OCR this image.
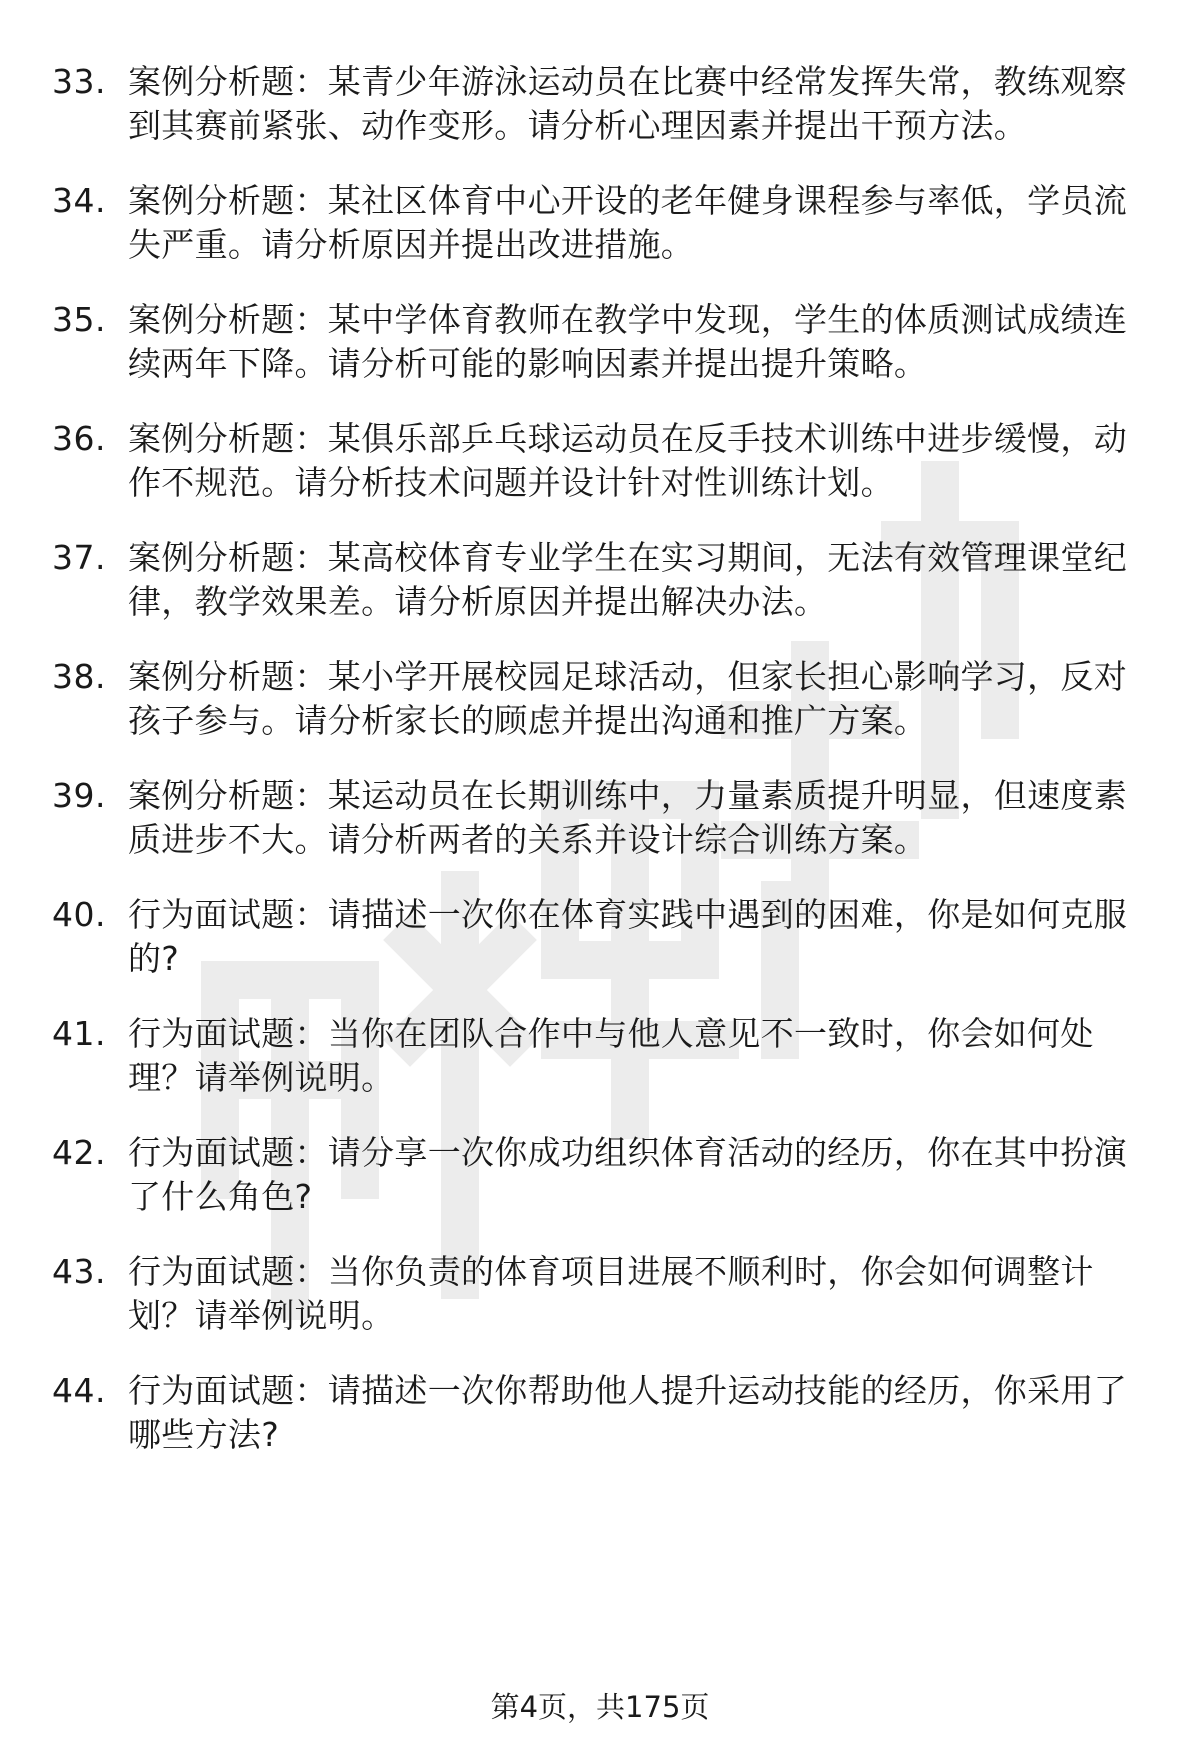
33. 案例分析题：某青少年游泳运动员在比赛中经常发挥失常，教练观察到其赛前紧张、动作变形。请分析心理因素并提出干预方法。
34. 案例分析题：某社区体育中心开设的老年健身课程参与率低，学员流失严重。请分析原因并提出改进措施。
35. 案例分析题：某中学体育教师在教学中发现，学生的体质测试成绩连续两年下降。请分析可能的影响因素并提出提升策略。
36. 案例分析题：某俱乐部乒乓球运动员在反手技术训练中进步缓慢，动作不规范。请分析技术问题并设计针对性训练计划。
37. 案例分析题：某高校体育专业学生在实习期间，无法有效管理课堂纪律，教学效果差。请分析原因并提出解决办法。
38. 案例分析题：某小学开展校园足球活动，但家长担心影响学习，反对孩子参与。请分析家长的顾虑并提出沟通和推广方案。
39. 案例分析题：某运动员在长期训练中，力量素质提升明显，但速度素质进步不大。请分析两者的关系并设计综合训练方案。
40. 行为面试题：请描述一次你在体育实践中遇到的困难，你是如何克服的?
41. 行为面试题：当你在团队合作中与他人意见不一致时，你会如何处理？请举例说明。
42. 行为面试题：请分享一次你成功组织体育活动的经历，你在其中扮演了什么角色?
43. 行为面试题：当你负责的体育项目进展不顺利时，你会如何调整计划？请举例说明。
44. 行为面试题：请描述一次你帮助他人提升运动技能的经历，你采用了哪些方法?
第4页，共175页
